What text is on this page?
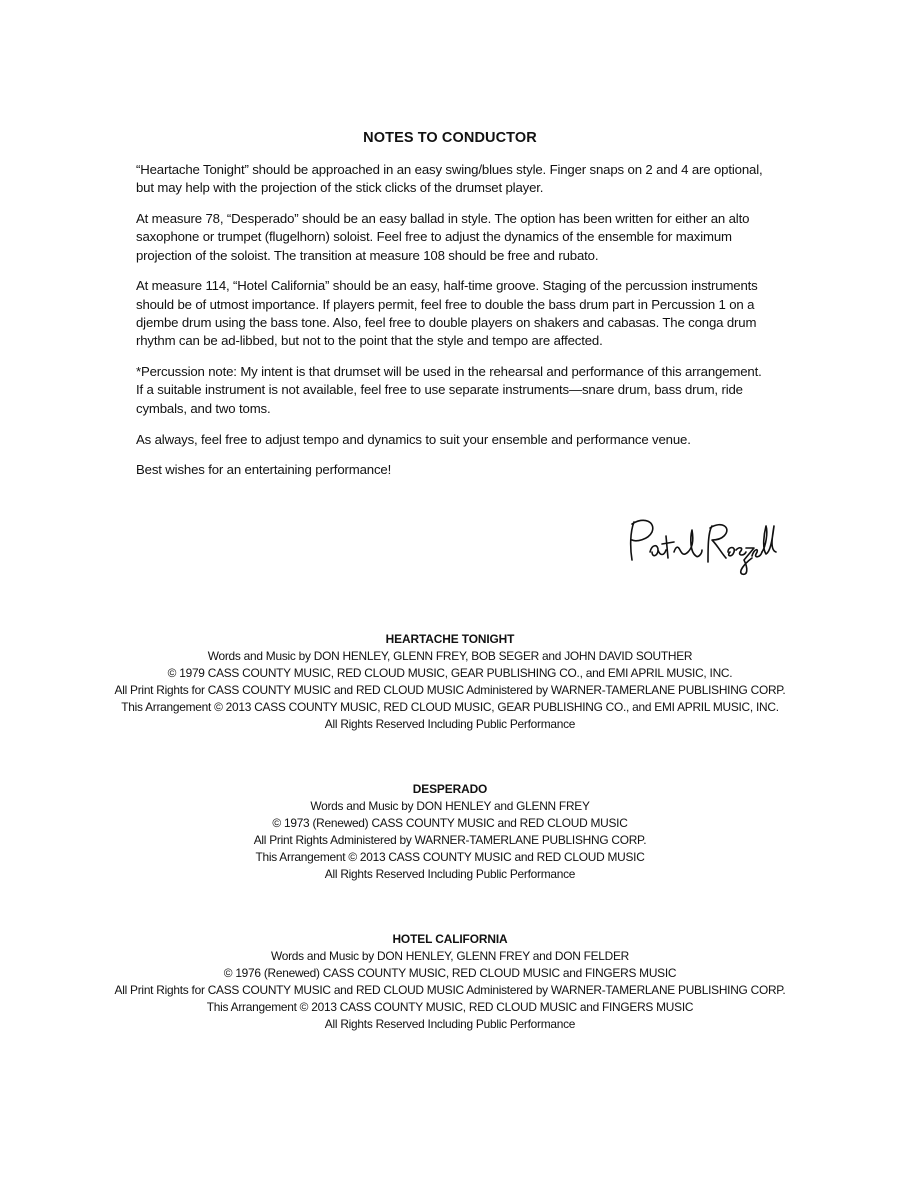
NOTES TO CONDUCTOR

“Heartache Tonight” should be approached in an easy swing/blues style. Finger snaps on 2 and 4 are optional, but may help with the projection of the stick clicks of the drumset player.

At measure 78, “Desperado” should be an easy ballad in style. The option has been written for either an alto saxophone or trumpet (flugelhorn) soloist. Feel free to adjust the dynamics of the ensemble for maximum projection of the soloist. The transition at measure 108 should be free and rubato.

At measure 114, “Hotel California” should be an easy, half-time groove. Staging of the percussion instruments should be of utmost importance. If players permit, feel free to double the bass drum part in Percussion 1 on a djembe drum using the bass tone. Also, feel free to double players on shakers and cabasas. The conga drum rhythm can be ad-libbed, but not to the point that the style and tempo are affected.

*Percussion note: My intent is that drumset will be used in the rehearsal and performance of this arrangement. If a suitable instrument is not available, feel free to use separate instruments—snare drum, bass drum, ride cymbals, and two toms.

As always, feel free to adjust tempo and dynamics to suit your ensemble and performance venue.

Best wishes for an entertaining performance!

HEARTACHE TONIGHT
Words and Music by DON HENLEY, GLENN FREY, BOB SEGER and JOHN DAVID SOUTHER
© 1979 CASS COUNTY MUSIC, RED CLOUD MUSIC, GEAR PUBLISHING CO., and EMI APRIL MUSIC, INC.
All Print Rights for CASS COUNTY MUSIC and RED CLOUD MUSIC Administered by WARNER-TAMERLANE PUBLISHING CORP.
This Arrangement © 2013 CASS COUNTY MUSIC, RED CLOUD MUSIC, GEAR PUBLISHING CO., and EMI APRIL MUSIC, INC.
All Rights Reserved Including Public Performance
DESPERADO
Words and Music by DON HENLEY and GLENN FREY
© 1973 (Renewed) CASS COUNTY MUSIC and RED CLOUD MUSIC
All Print Rights Administered by WARNER-TAMERLANE PUBLISHNG CORP.
This Arrangement © 2013 CASS COUNTY MUSIC and RED CLOUD MUSIC
All Rights Reserved Including Public Performance
HOTEL CALIFORNIA
Words and Music by DON HENLEY, GLENN FREY and DON FELDER
© 1976 (Renewed) CASS COUNTY MUSIC, RED CLOUD MUSIC and FINGERS MUSIC
All Print Rights for CASS COUNTY MUSIC and RED CLOUD MUSIC Administered by WARNER-TAMERLANE PUBLISHING CORP.
This Arrangement © 2013 CASS COUNTY MUSIC, RED CLOUD MUSIC and FINGERS MUSIC
All Rights Reserved Including Public Performance
